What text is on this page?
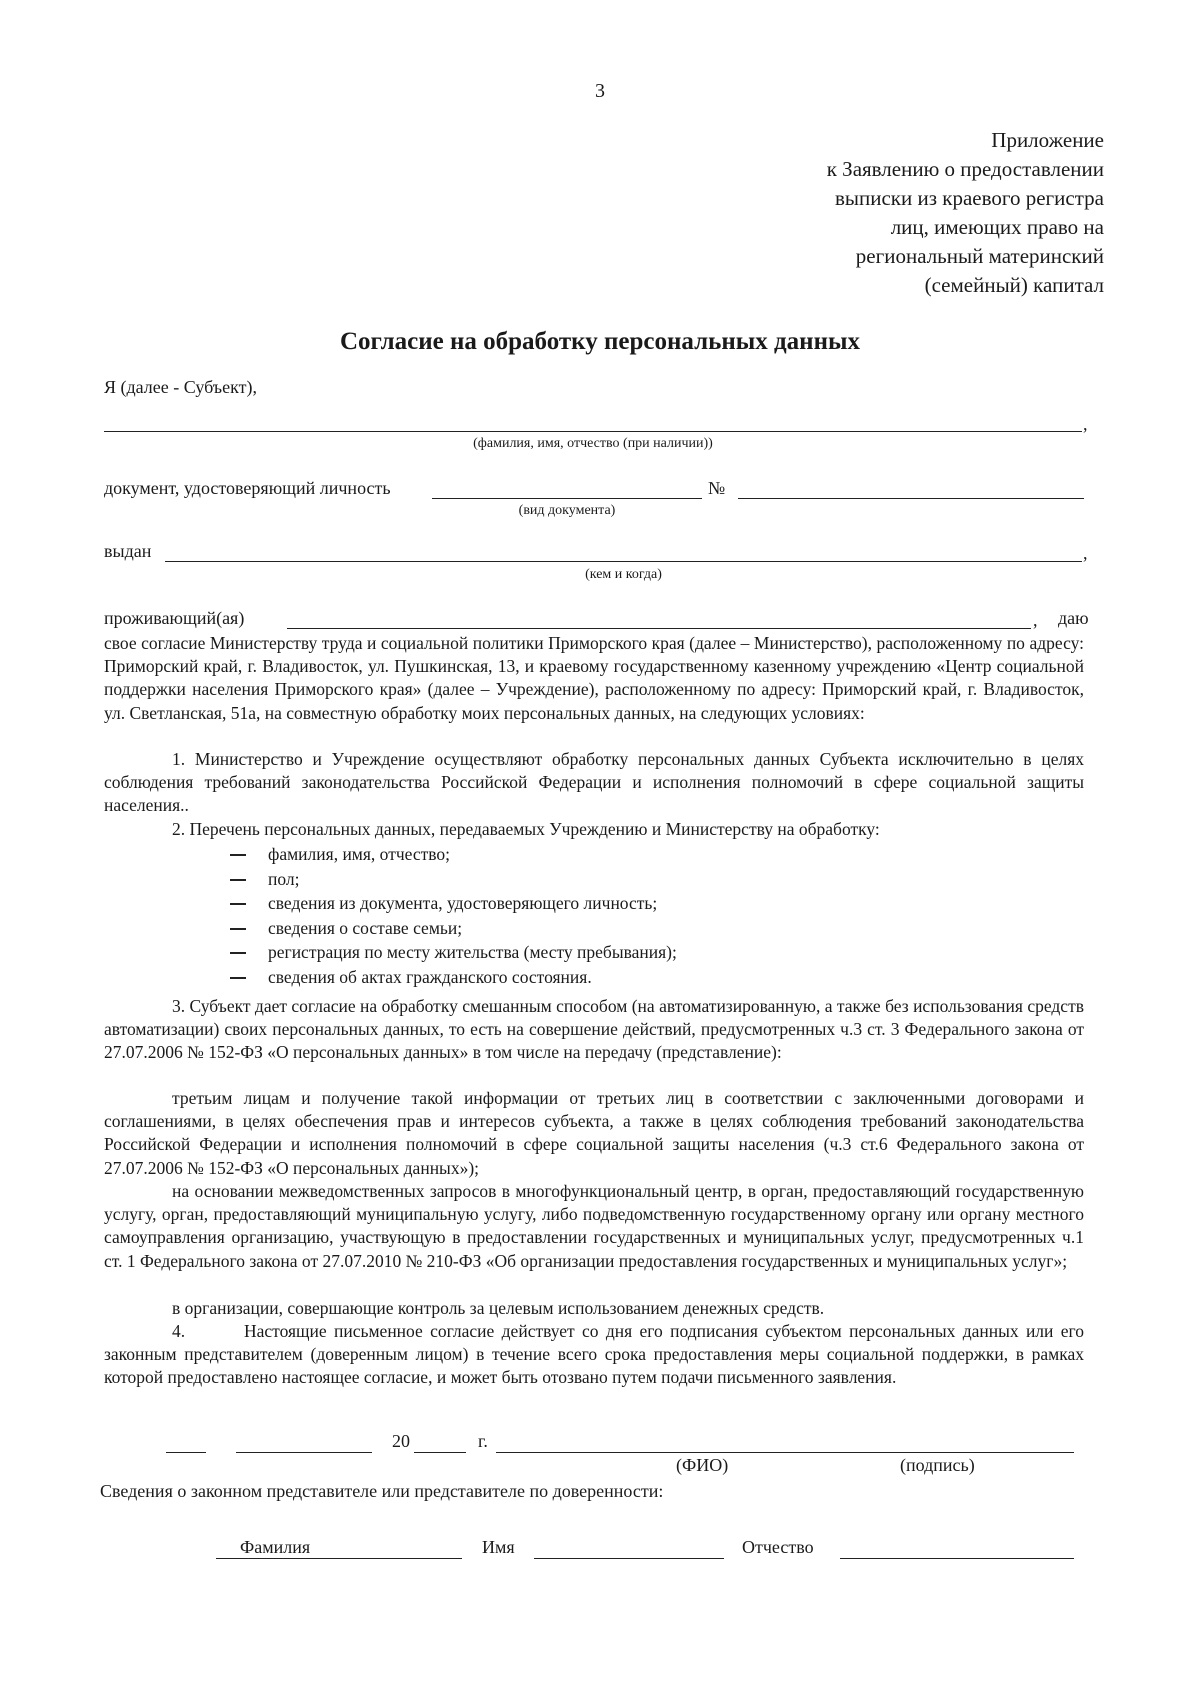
3
Приложение
к Заявлению о предоставлении
выписки из краевого регистра
лиц, имеющих право на
региональный материнский
(семейный) капитал
Согласие на обработку персональных данных
Я (далее - Субъект),
,
(фамилия, имя, отчество (при наличии))
документ, удостоверяющий личность	№
(вид документа)
выдан	,
(кем и когда)
проживающий(ая)	, даю

свое согласие Министерству труда и социальной политики Приморского края (далее – Министерство), расположенному по адресу: Приморский край, г. Владивосток, ул. Пушкинская, 13, и краевому государственному казенному учреждению «Центр социальной поддержки населения Приморского края» (далее – Учреждение), расположенному по адресу: Приморский край, г. Владивосток, ул. Светланская, 51а, на совместную обработку моих персональных данных, на следующих условиях:

1. Министерство и Учреждение осуществляют обработку персональных данных Субъекта исключительно в целях соблюдения требований законодательства Российской Федерации и исполнения полномочий в сфере социальной защиты населения..

2. Перечень персональных данных, передаваемых Учреждению и Министерству на обработку:

фамилия, имя, отчество;
пол;
сведения из документа, удостоверяющего личность;
сведения о составе семьи;
регистрация по месту жительства (месту пребывания);
сведения об актах гражданского состояния.

3. Субъект дает согласие на обработку смешанным способом (на автоматизированную, а также без использования средств автоматизации) своих персональных данных, то есть на совершение действий, предусмотренных ч.3 ст. 3 Федерального закона от 27.07.2006 № 152-ФЗ «О персональных данных» в том числе на передачу (представление):

третьим лицам и получение такой информации от третьих лиц в соответствии с заключенными договорами и соглашениями, в целях обеспечения прав и интересов субъекта, а также в целях соблюдения требований законодательства Российской Федерации и исполнения полномочий в сфере социальной защиты населения (ч.3 ст.6 Федерального закона от 27.07.2006 № 152-ФЗ «О персональных данных»);

на основании межведомственных запросов в многофункциональный центр, в орган, предоставляющий государственную услугу, орган, предоставляющий муниципальную услугу, либо подведомственную государственному органу или органу местного самоуправления организацию, участвующую в предоставлении государственных и муниципальных услуг, предусмотренных ч.1 ст. 1 Федерального закона от 27.07.2010 № 210-ФЗ «Об организации предоставления государственных и муниципальных услуг»;

в организации, совершающие контроль за целевым использованием денежных средств.

4.	Настоящие письменное согласие действует со дня его подписания субъектом персональных данных или его законным представителем (доверенным лицом) в течение всего срока предоставления меры социальной поддержки, в рамках которой предоставлено настоящее согласие, и может быть отозвано путем подачи письменного заявления.

20	г.
(ФИО)	(подпись)
Сведения о законном представителе или представителе по доверенности:
Фамилия	Имя	Отчество
